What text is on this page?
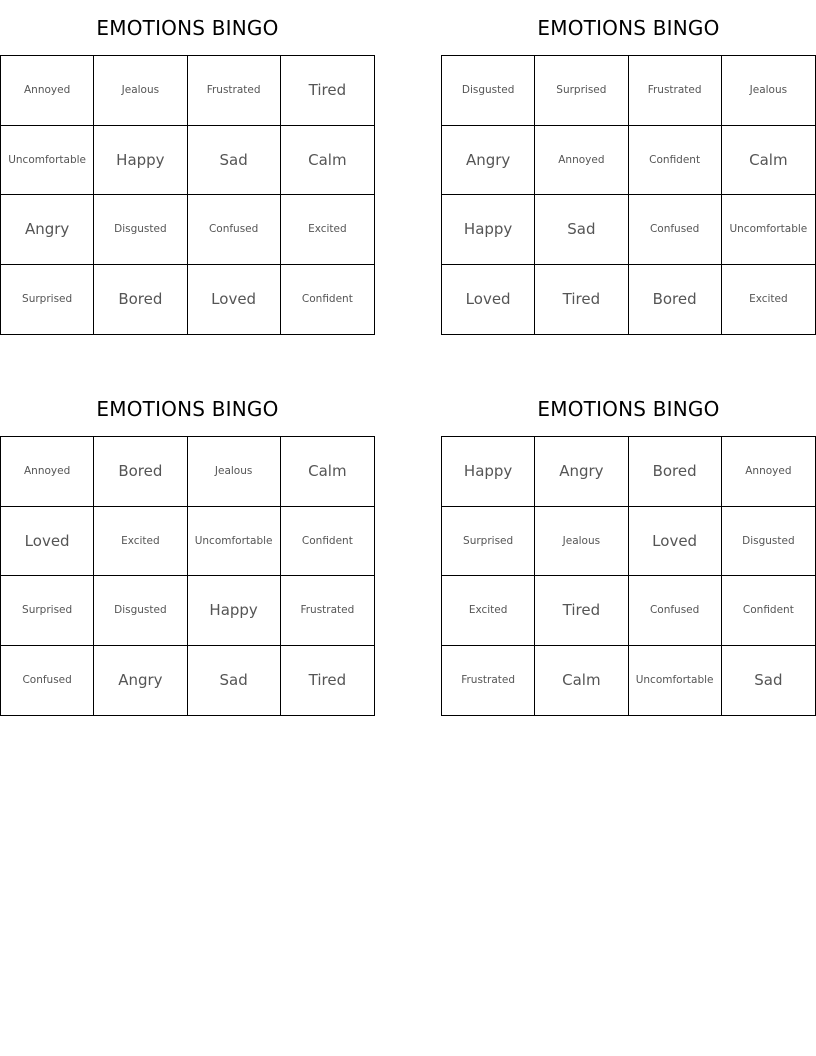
EMOTIONS BINGO
Annoyed	Jealous	Frustrated	Tired
Uncomfortable	Happy	Sad	Calm
Angry	Disgusted	Confused	Excited
Surprised	Bored	Loved	Confident
EMOTIONS BINGO
Disgusted	Surprised	Frustrated	Jealous
Angry	Annoyed	Confident	Calm
Happy	Sad	Confused	Uncomfortable
Loved	Tired	Bored	Excited
EMOTIONS BINGO
Annoyed	Bored	Jealous	Calm
Loved	Excited	Uncomfortable	Confident
Surprised	Disgusted	Happy	Frustrated
Confused	Angry	Sad	Tired
EMOTIONS BINGO
Happy	Angry	Bored	Annoyed
Surprised	Jealous	Loved	Disgusted
Excited	Tired	Confused	Confident
Frustrated	Calm	Uncomfortable	Sad
